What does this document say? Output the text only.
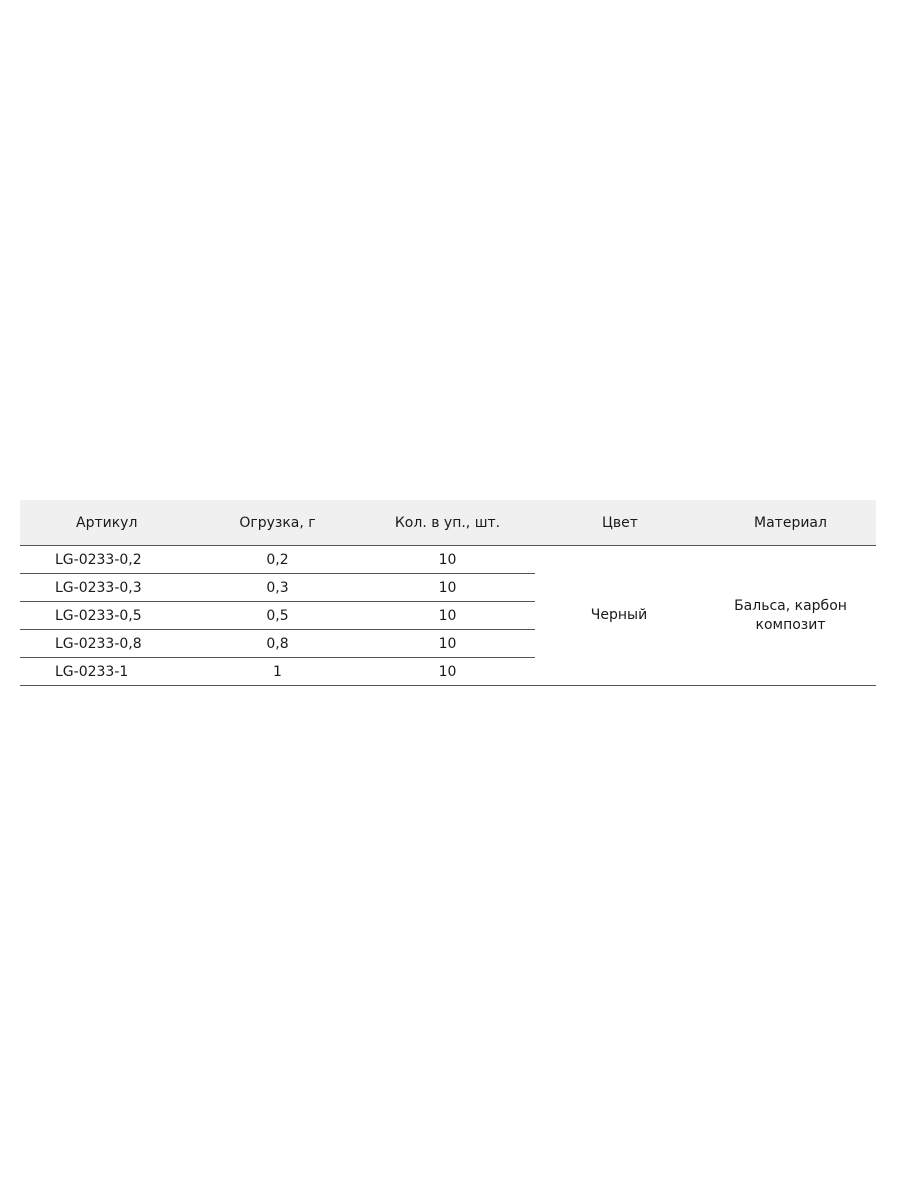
Артикул	Огрузка, г	Кол. в уп., шт.	Цвет	Материал
LG-0233-0,2	0,2	10	Черный	Бальса, карбон
композит

LG-0233-0,3	0,3	10		
LG-0233-0,5	0,5	10		
LG-0233-0,8	0,8	10		
LG-0233-1	1	10		
